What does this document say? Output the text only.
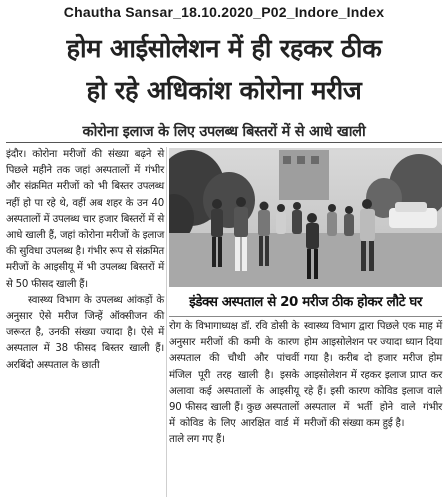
Chautha Sansar_18.10.2020_P02_Indore_Index
होम आईसोलेशन में ही रहकर ठीक
हो रहे अधिकांश कोरोना मरीज
कोरोना इलाज के लिए उपलब्ध बिस्तरों में से आधे खाली

इंदौर। कोरोना मरीजों की संख्या बढ़ने से पिछले महीने तक जहां अस्पतालों में गंभीर और संक्रमित मरीजों को भी बिस्तर उपलब्ध नहीं हो पा रहे थे, वहीं अब शहर के उन 40 अस्पतालों में उपलब्ध चार हजार बिस्तरों में से आधे खाली हैं, जहां कोरोना मरीजों के इलाज की सुविधा उपलब्ध है। गंभीर रूप से संक्रमित मरीजों के आइसीयू में भी उपलब्ध बिस्तरों में से 50 फीसद खाली हैं।

स्वास्थ्य विभाग के उपलब्ध आंकड़ों के अनुसार ऐसे मरीज जिन्हें ऑक्सीजन की जरूरत है, उनकी संख्या ज्यादा है। ऐसे में अस्पताल में 38 फीसद बिस्तर खाली हैं। अरबिंदो अस्पताल के छाती

इंडेक्स अस्पताल से 20 मरीज ठीक होकर लौटे घर

रोग के विभागाध्यक्ष डॉ. रवि डोसी के अनुसार मरीजों की कमी के कारण अस्पताल की चौथी और पांचवीं मंजिल पूरी तरह खाली है। इसके अलावा कई अस्पतालों के आइसीयू 90 फीसद खाली हैं। कुछ अस्पतालों में कोविड के लिए आरक्षित वार्ड में ताले लग गए हैं।

स्वास्थ्य विभाग द्वारा पिछले एक माह में होम आइसोलेशन पर ज्यादा ध्यान दिया गया है। करीब दो हजार मरीज होम आइसोलेशन में रहकर इलाज प्राप्त कर रहे हैं। इसी कारण कोविड इलाज वाले अस्पताल में भर्ती होने वाले गंभीर मरीजों की संख्या कम हुई है।
